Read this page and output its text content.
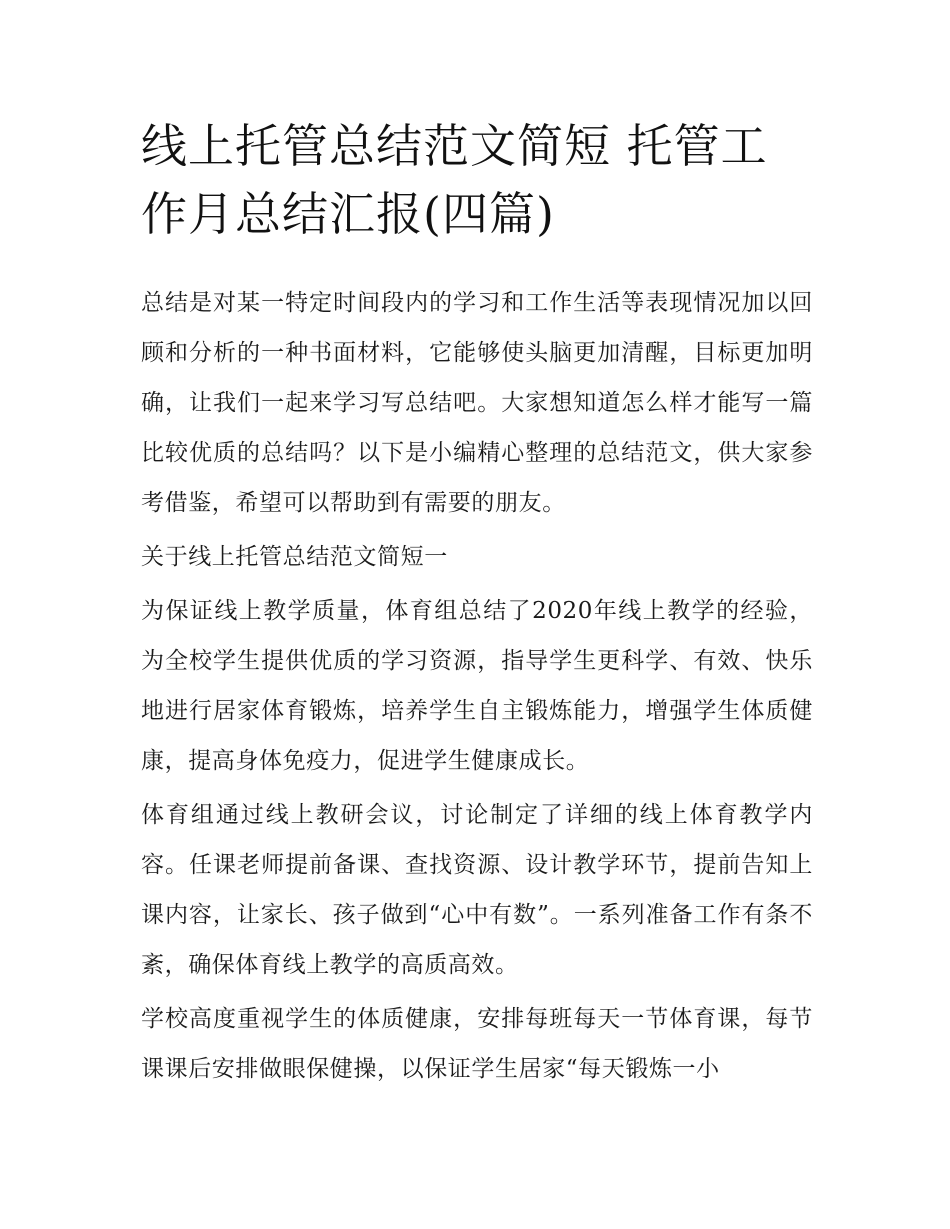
线上托管总结范文简短 托管工作月总结汇报(四篇)

总结是对某一特定时间段内的学习和工作生活等表现情况加以回顾和分析的一种书面材料，它能够使头脑更加清醒，目标更加明确，让我们一起来学习写总结吧。大家想知道怎么样才能写一篇比较优质的总结吗？以下是小编精心整理的总结范文，供大家参考借鉴，希望可以帮助到有需要的朋友。

关于线上托管总结范文简短一

为保证线上教学质量，体育组总结了2020年线上教学的经验，为全校学生提供优质的学习资源，指导学生更科学、有效、快乐地进行居家体育锻炼，培养学生自主锻炼能力，增强学生体质健康，提高身体免疫力，促进学生健康成长。

体育组通过线上教研会议，讨论制定了详细的线上体育教学内容。任课老师提前备课、查找资源、设计教学环节，提前告知上课内容，让家长、孩子做到“心中有数”。一系列准备工作有条不紊，确保体育线上教学的高质高效。

学校高度重视学生的体质健康，安排每班每天一节体育课，每节课课后安排做眼保健操，以保证学生居家“每天锻炼一小
